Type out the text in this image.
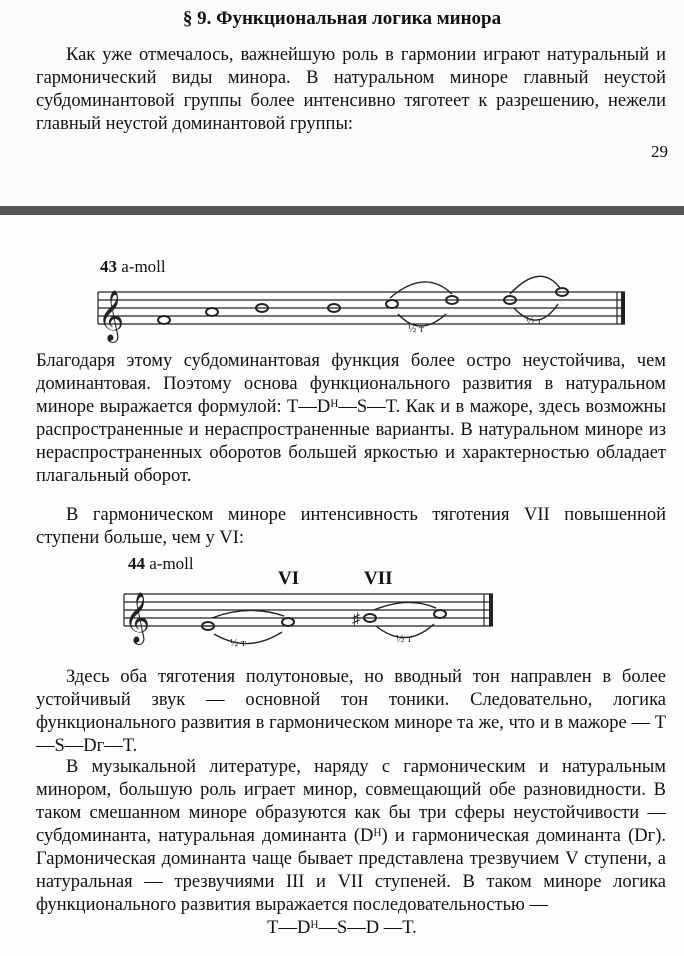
§ 9. Функциональная логика минора

Как уже отмечалось, важнейшую роль в гармонии играют натуральный и гармонический виды минора. В натуральном миноре главный неустой субдоминантовой группы более интенсивно тяготеет к разрешению, нежели главный неустой доминантовой группы:

29
43 a-moll
𝄞	½ т
½ т

Благодаря этому субдоминантовая функция более остро неустойчива, чем доминантовая. Поэтому основа функционального развития в натуральном миноре выражается формулой: T—Dᴴ—S—T. Как и в мажоре, здесь возможны распространенные и нераспространенные варианты. В натуральном миноре из нераспространенных оборотов большей яркостью и характерностью обладает плагальный оборот.

В гармоническом миноре интенсивность тяготения VII повышенной ступени больше, чем у VI:

44 a-moll
VI	VII
𝄞	♯
½ т	½ т

Здесь оба тяготения полутоновые, но вводный тон направлен в более устойчивый звук — основной тон тоники. Следовательно, логика функционального развития в гармоническом миноре та же, что и в мажоре — T—S—Dᴦ—T.

В музыкальной литературе, наряду с гармоническим и натуральным минором, большую роль играет минор, совмещающий обе разновидности. В таком смешанном миноре образуются как бы три сферы неустойчивости — субдоминанта, натуральная доминанта (Dᴴ) и гармоническая доминанта (Dᴦ). Гармоническая доминанта чаще бывает представлена трезвучием V ступени, а натуральная — трезвучиями III и VII ступеней. В таком миноре логика функционального развития выражается последовательностью —

T—Dᴴ—S—D —T.
